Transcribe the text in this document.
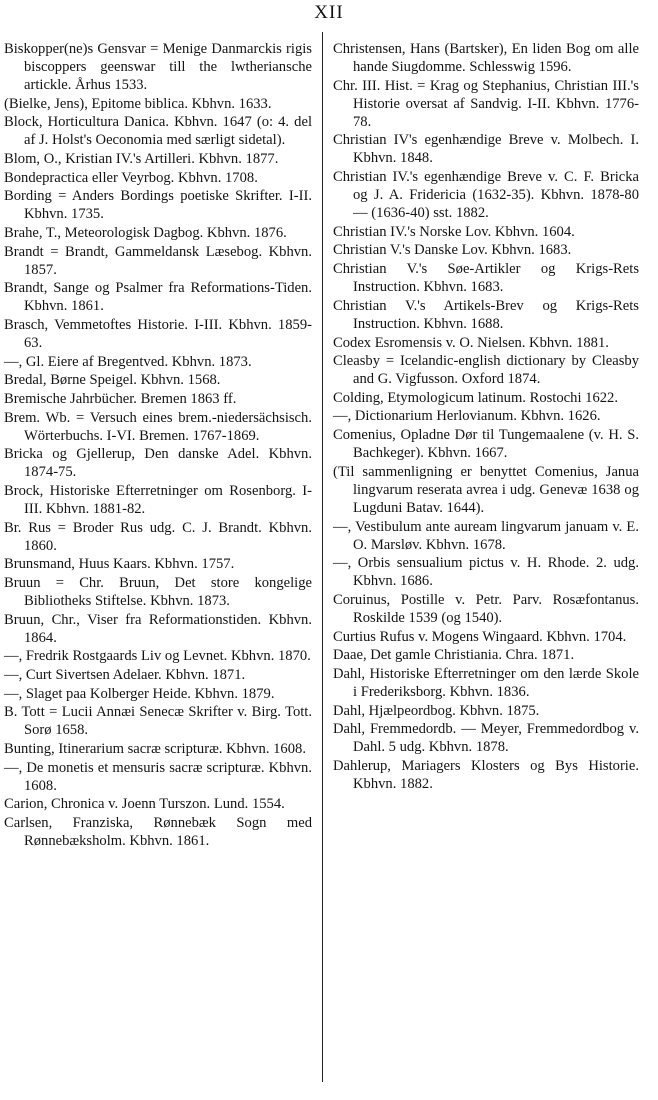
XII
Biskopper(ne)s Gensvar = Menige Danmarckis rigis biscoppers geenswar till the lwtheriansche artickle. Århus 1533.
(Bielke, Jens), Epitome biblica. Kbhvn. 1633.
Block, Horticultura Danica. Kbhvn. 1647 (o: 4. del af J. Holst's Oeconomia med særligt sidetal).
Blom, O., Kristian IV.'s Artilleri. Kbhvn. 1877.
Bondepractica eller Veyrbog. Kbhvn. 1708.
Bording = Anders Bordings poetiske Skrifter. I-II. Kbhvn. 1735.
Brahe, T., Meteorologisk Dagbog. Kbhvn. 1876.
Brandt = Brandt, Gammeldansk Læsebog. Kbhvn. 1857.
Brandt, Sange og Psalmer fra Reformations-Tiden. Kbhvn. 1861.
Brasch, Vemmetoftes Historie. I-III. Kbhvn. 1859-63.
—, Gl. Eiere af Bregentved. Kbhvn. 1873.
Bredal, Børne Speigel. Kbhvn. 1568.
Bremische Jahrbücher. Bremen 1863 ff.
Brem. Wb. = Versuch eines brem.-niedersächsisch. Wörterbuchs. I-VI. Bremen. 1767-1869.
Bricka og Gjellerup, Den danske Adel. Kbhvn. 1874-75.
Brock, Historiske Efterretninger om Rosenborg. I-III. Kbhvn. 1881-82.
Br. Rus = Broder Rus udg. C. J. Brandt. Kbhvn. 1860.
Brunsmand, Huus Kaars. Kbhvn. 1757.
Bruun = Chr. Bruun, Det store kongelige Bibliotheks Stiftelse. Kbhvn. 1873.
Bruun, Chr., Viser fra Reformationstiden. Kbhvn. 1864.
—, Fredrik Rostgaards Liv og Levnet. Kbhvn. 1870.
—, Curt Sivertsen Adelaer. Kbhvn. 1871.
—, Slaget paa Kolberger Heide. Kbhvn. 1879.
B. Tott = Lucii Annæi Senecæ Skrifter v. Birg. Tott. Sorø 1658.
Bunting, Itinerarium sacræ scripturæ. Kbhvn. 1608.
—, De monetis et mensuris sacræ scripturæ. Kbhvn. 1608.
Carion, Chronica v. Joenn Turszon. Lund. 1554.
Carlsen, Franziska, Rønnebæk Sogn med Rønnebæksholm. Kbhvn. 1861.
Christensen, Hans (Bartsker), En liden Bog om alle hande Siugdomme. Schlesswig 1596.
Chr. III. Hist. = Krag og Stephanius, Christian III.'s Historie oversat af Sandvig. I-II. Kbhvn. 1776-78.
Christian IV's egenhændige Breve v. Molbech. I. Kbhvn. 1848.
Christian IV.'s egenhændige Breve v. C. F. Bricka og J. A. Fridericia (1632-35). Kbhvn. 1878-80 — (1636-40) sst. 1882.
Christian IV.'s Norske Lov. Kbhvn. 1604.
Christian V.'s Danske Lov. Kbhvn. 1683.
Christian V.'s Søe-Artikler og Krigs-Rets Instruction. Kbhvn. 1683.
Christian V.'s Artikels-Brev og Krigs-Rets Instruction. Kbhvn. 1688.
Codex Esromensis v. O. Nielsen. Kbhvn. 1881.
Cleasby = Icelandic-english dictionary by Cleasby and G. Vigfusson. Oxford 1874.
Colding, Etymologicum latinum. Rostochi 1622.
—, Dictionarium Herlovianum. Kbhvn. 1626.
Comenius, Opladne Dør til Tungemaalene (v. H. S. Bachkeger). Kbhvn. 1667.
(Til sammenligning er benyttet Comenius, Janua lingvarum reserata avrea i udg. Genevæ 1638 og Lugduni Batav. 1644).
—, Vestibulum ante auream lingvarum januam v. E. O. Marsløv. Kbhvn. 1678.
—, Orbis sensualium pictus v. H. Rhode. 2. udg. Kbhvn. 1686.
Coruinus, Postille v. Petr. Parv. Rosæfontanus. Roskilde 1539 (og 1540).
Curtius Rufus v. Mogens Wingaard. Kbhvn. 1704.
Daae, Det gamle Christiania. Chra. 1871.
Dahl, Historiske Efterretninger om den lærde Skole i Frederiksborg. Kbhvn. 1836.
Dahl, Hjælpeordbog. Kbhvn. 1875.
Dahl, Fremmedordb. — Meyer, Fremmedordbog v. Dahl. 5 udg. Kbhvn. 1878.
Dahlerup, Mariagers Klosters og Bys Historie. Kbhvn. 1882.
